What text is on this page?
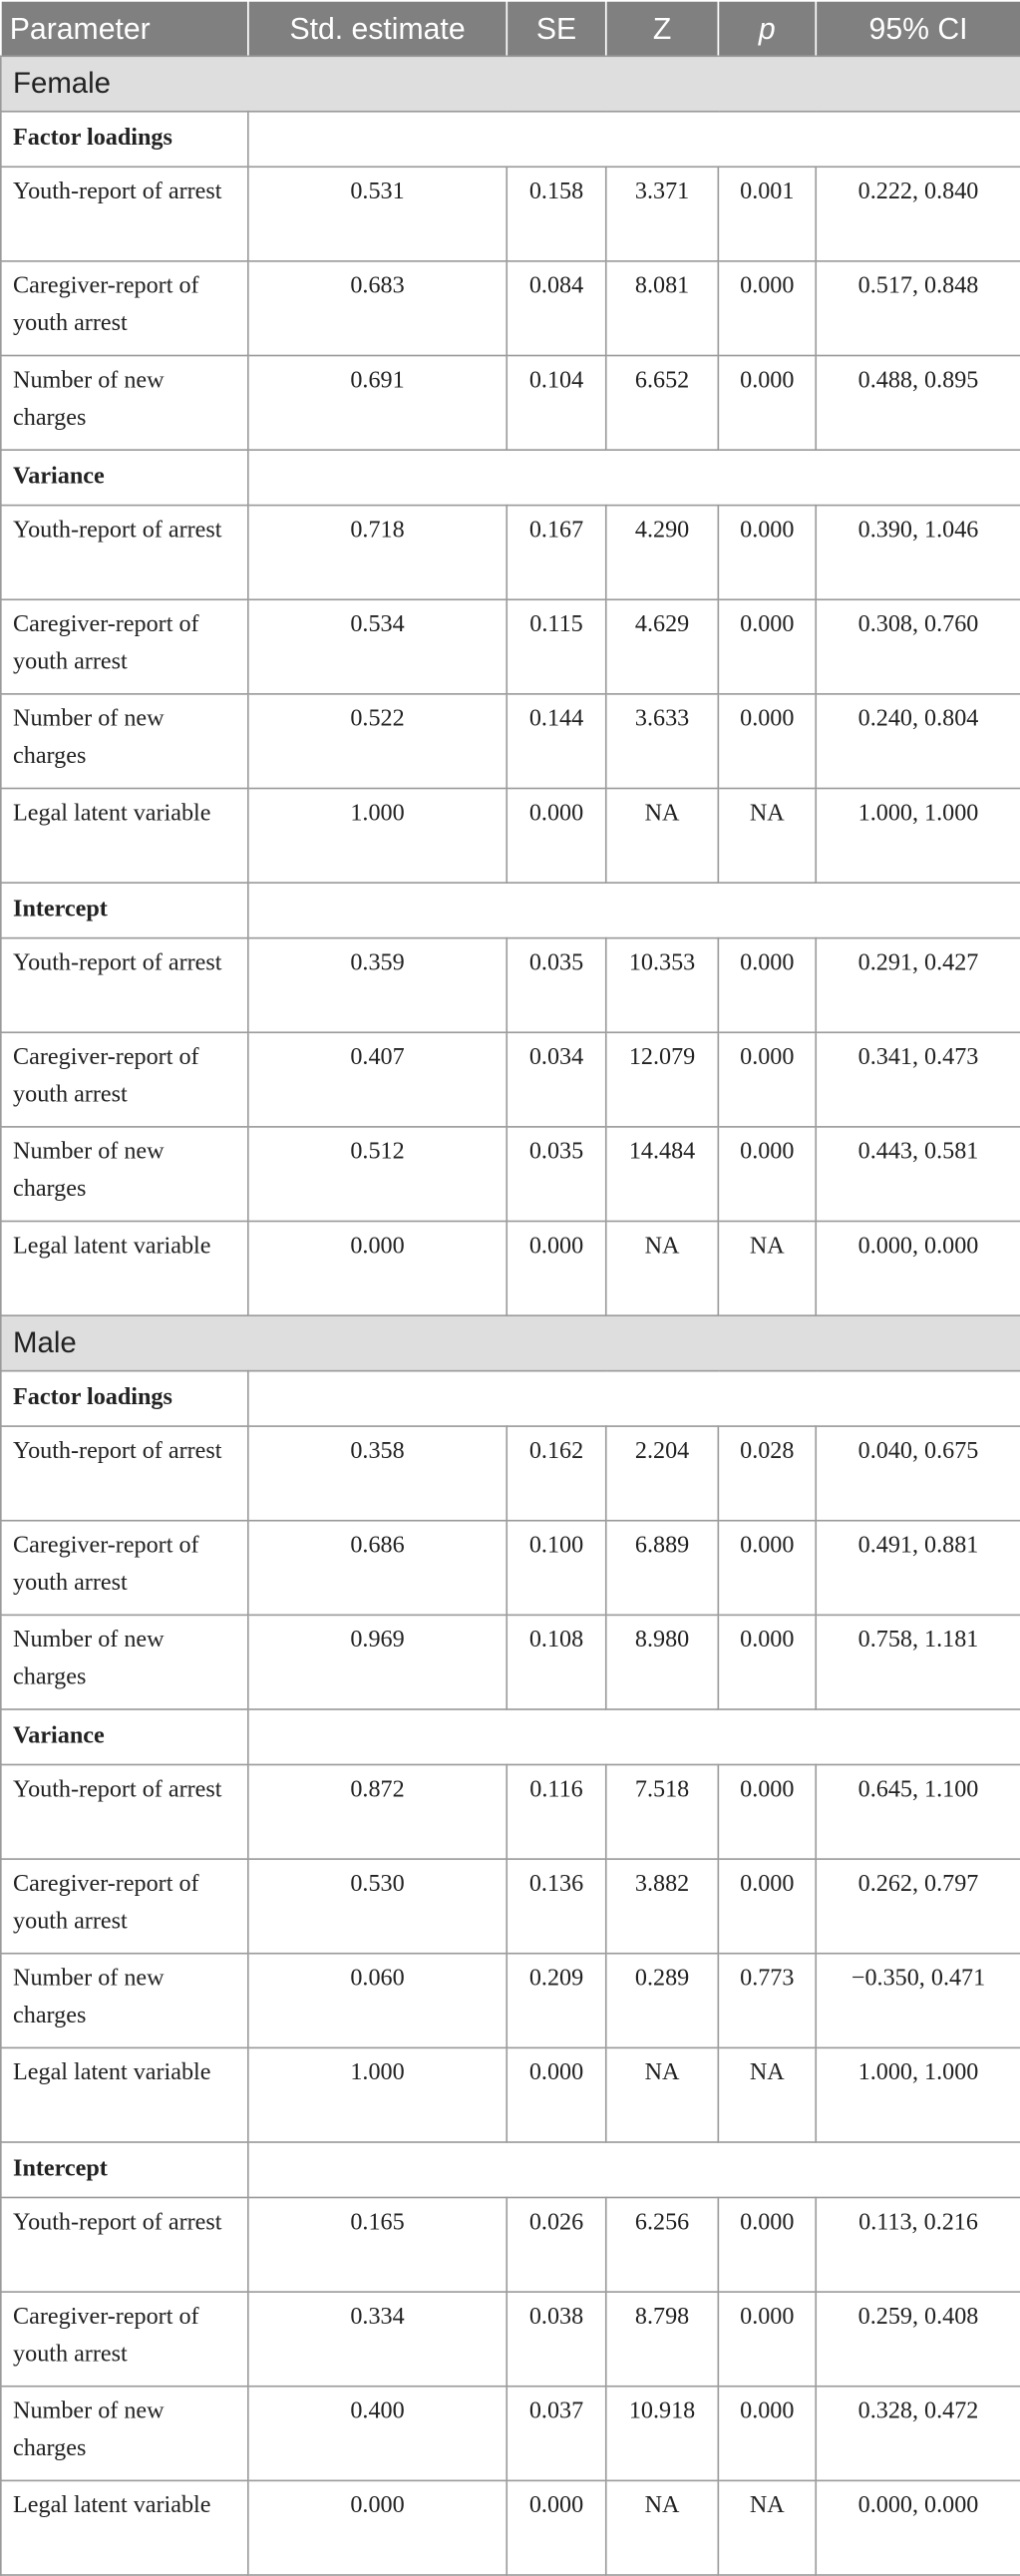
Parameter	Std. estimate	SE	Z	p	95% CI
Female					
Factor loadings					
Youth-report of arrest	0.531	0.158	3.371	0.001	0.222, 0.840
Caregiver-report of youth arrest	0.683	0.084	8.081	0.000	0.517, 0.848
Number of new charges	0.691	0.104	6.652	0.000	0.488, 0.895
Variance					
Youth-report of arrest	0.718	0.167	4.290	0.000	0.390, 1.046
Caregiver-report of youth arrest	0.534	0.115	4.629	0.000	0.308, 0.760
Number of new charges	0.522	0.144	3.633	0.000	0.240, 0.804
Legal latent variable	1.000	0.000	NA	NA	1.000, 1.000
Intercept					
Youth-report of arrest	0.359	0.035	10.353	0.000	0.291, 0.427
Caregiver-report of youth arrest	0.407	0.034	12.079	0.000	0.341, 0.473
Number of new charges	0.512	0.035	14.484	0.000	0.443, 0.581
Legal latent variable	0.000	0.000	NA	NA	0.000, 0.000
Male					
Factor loadings					
Youth-report of arrest	0.358	0.162	2.204	0.028	0.040, 0.675
Caregiver-report of youth arrest	0.686	0.100	6.889	0.000	0.491, 0.881
Number of new charges	0.969	0.108	8.980	0.000	0.758, 1.181
Variance					
Youth-report of arrest	0.872	0.116	7.518	0.000	0.645, 1.100
Caregiver-report of youth arrest	0.530	0.136	3.882	0.000	0.262, 0.797
Number of new charges	0.060	0.209	0.289	0.773	−0.350, 0.471
Legal latent variable	1.000	0.000	NA	NA	1.000, 1.000
Intercept					
Youth-report of arrest	0.165	0.026	6.256	0.000	0.113, 0.216
Caregiver-report of youth arrest	0.334	0.038	8.798	0.000	0.259, 0.408
Number of new charges	0.400	0.037	10.918	0.000	0.328, 0.472
Legal latent variable	0.000	0.000	NA	NA	0.000, 0.000
